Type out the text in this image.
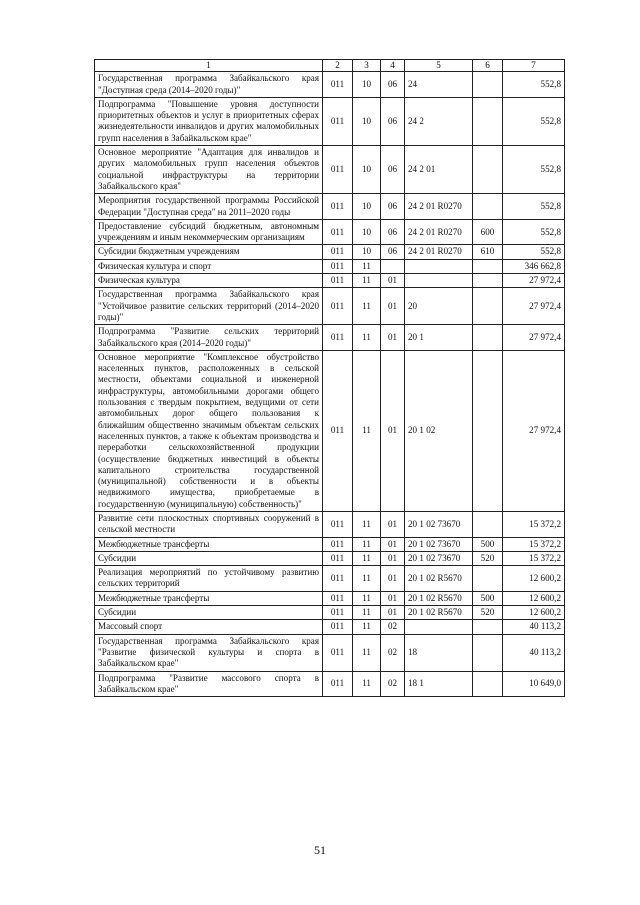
1	2	3	4	5	6	7
Государственная программа Забайкальского края "Доступная среда (2014–2020 годы)"	011	10	06	24		552,8
Подпрограмма "Повышение уровня доступности приоритетных объектов и услуг в приоритетных сферах жизнедеятельности инвалидов и других маломобильных групп населения в Забайкальском крае"	011	10	06	24 2		552,8
Основное мероприятие "Адаптация для инвалидов и других маломобильных групп населения объектов социальной инфраструктуры на территории Забайкальского края"	011	10	06	24 2 01		552,8
Мероприятия государственной программы Российской Федерации "Доступная среда" на 2011–2020 годы	011	10	06	24 2 01 R0270		552,8
Предоставление субсидий бюджетным, автономным учреждениям и иным некоммерческим организациям	011	10	06	24 2 01 R0270	600	552,8
Субсидии бюджетным учреждениям	011	10	06	24 2 01 R0270	610	552,8
Физическая культура и спорт	011	11				346 662,8
Физическая культура	011	11	01			27 972,4
Государственная программа Забайкальского края "Устойчивое развитие сельских территорий (2014–2020 годы)"	011	11	01	20		27 972,4
Подпрограмма "Развитие сельских территорий Забайкальского края (2014–2020 годы)"	011	11	01	20 1		27 972,4
Основное мероприятие "Комплексное обустройство населенных пунктов, расположенных в сельской местности, объектами социальной и инженерной инфраструктуры, автомобильными дорогами общего пользования с твердым покрытием, ведущими от сети автомобильных дорог общего пользования к ближайшим общественно значимым объектам сельских населенных пунктов, а также к объектам производства и переработки сельскохозяйственной продукции (осуществление бюджетных инвестиций в объекты капитального строительства государственной (муниципальной) собственности и в объекты недвижимого имущества, приобретаемые в государственную (муниципальную) собственность)"	011	11	01	20 1 02		27 972,4
Развитие сети плоскостных спортивных сооружений в сельской местности	011	11	01	20 1 02 73670		15 372,2
Межбюджетные трансферты	011	11	01	20 1 02 73670	500	15 372,2
Субсидии	011	11	01	20 1 02 73670	520	15 372,2
Реализация мероприятий по устойчивому развитию сельских территорий	011	11	01	20 1 02 R5670		12 600,2
Межбюджетные трансферты	011	11	01	20 1 02 R5670	500	12 600,2
Субсидии	011	11	01	20 1 02 R5670	520	12 600,2
Массовый спорт	011	11	02			40 113,2
Государственная программа Забайкальского края "Развитие физической культуры и спорта в Забайкальском крае"	011	11	02	18		40 113,2
Подпрограмма "Развитие массового спорта в Забайкальском крае"	011	11	02	18 1		10 649,0
51
